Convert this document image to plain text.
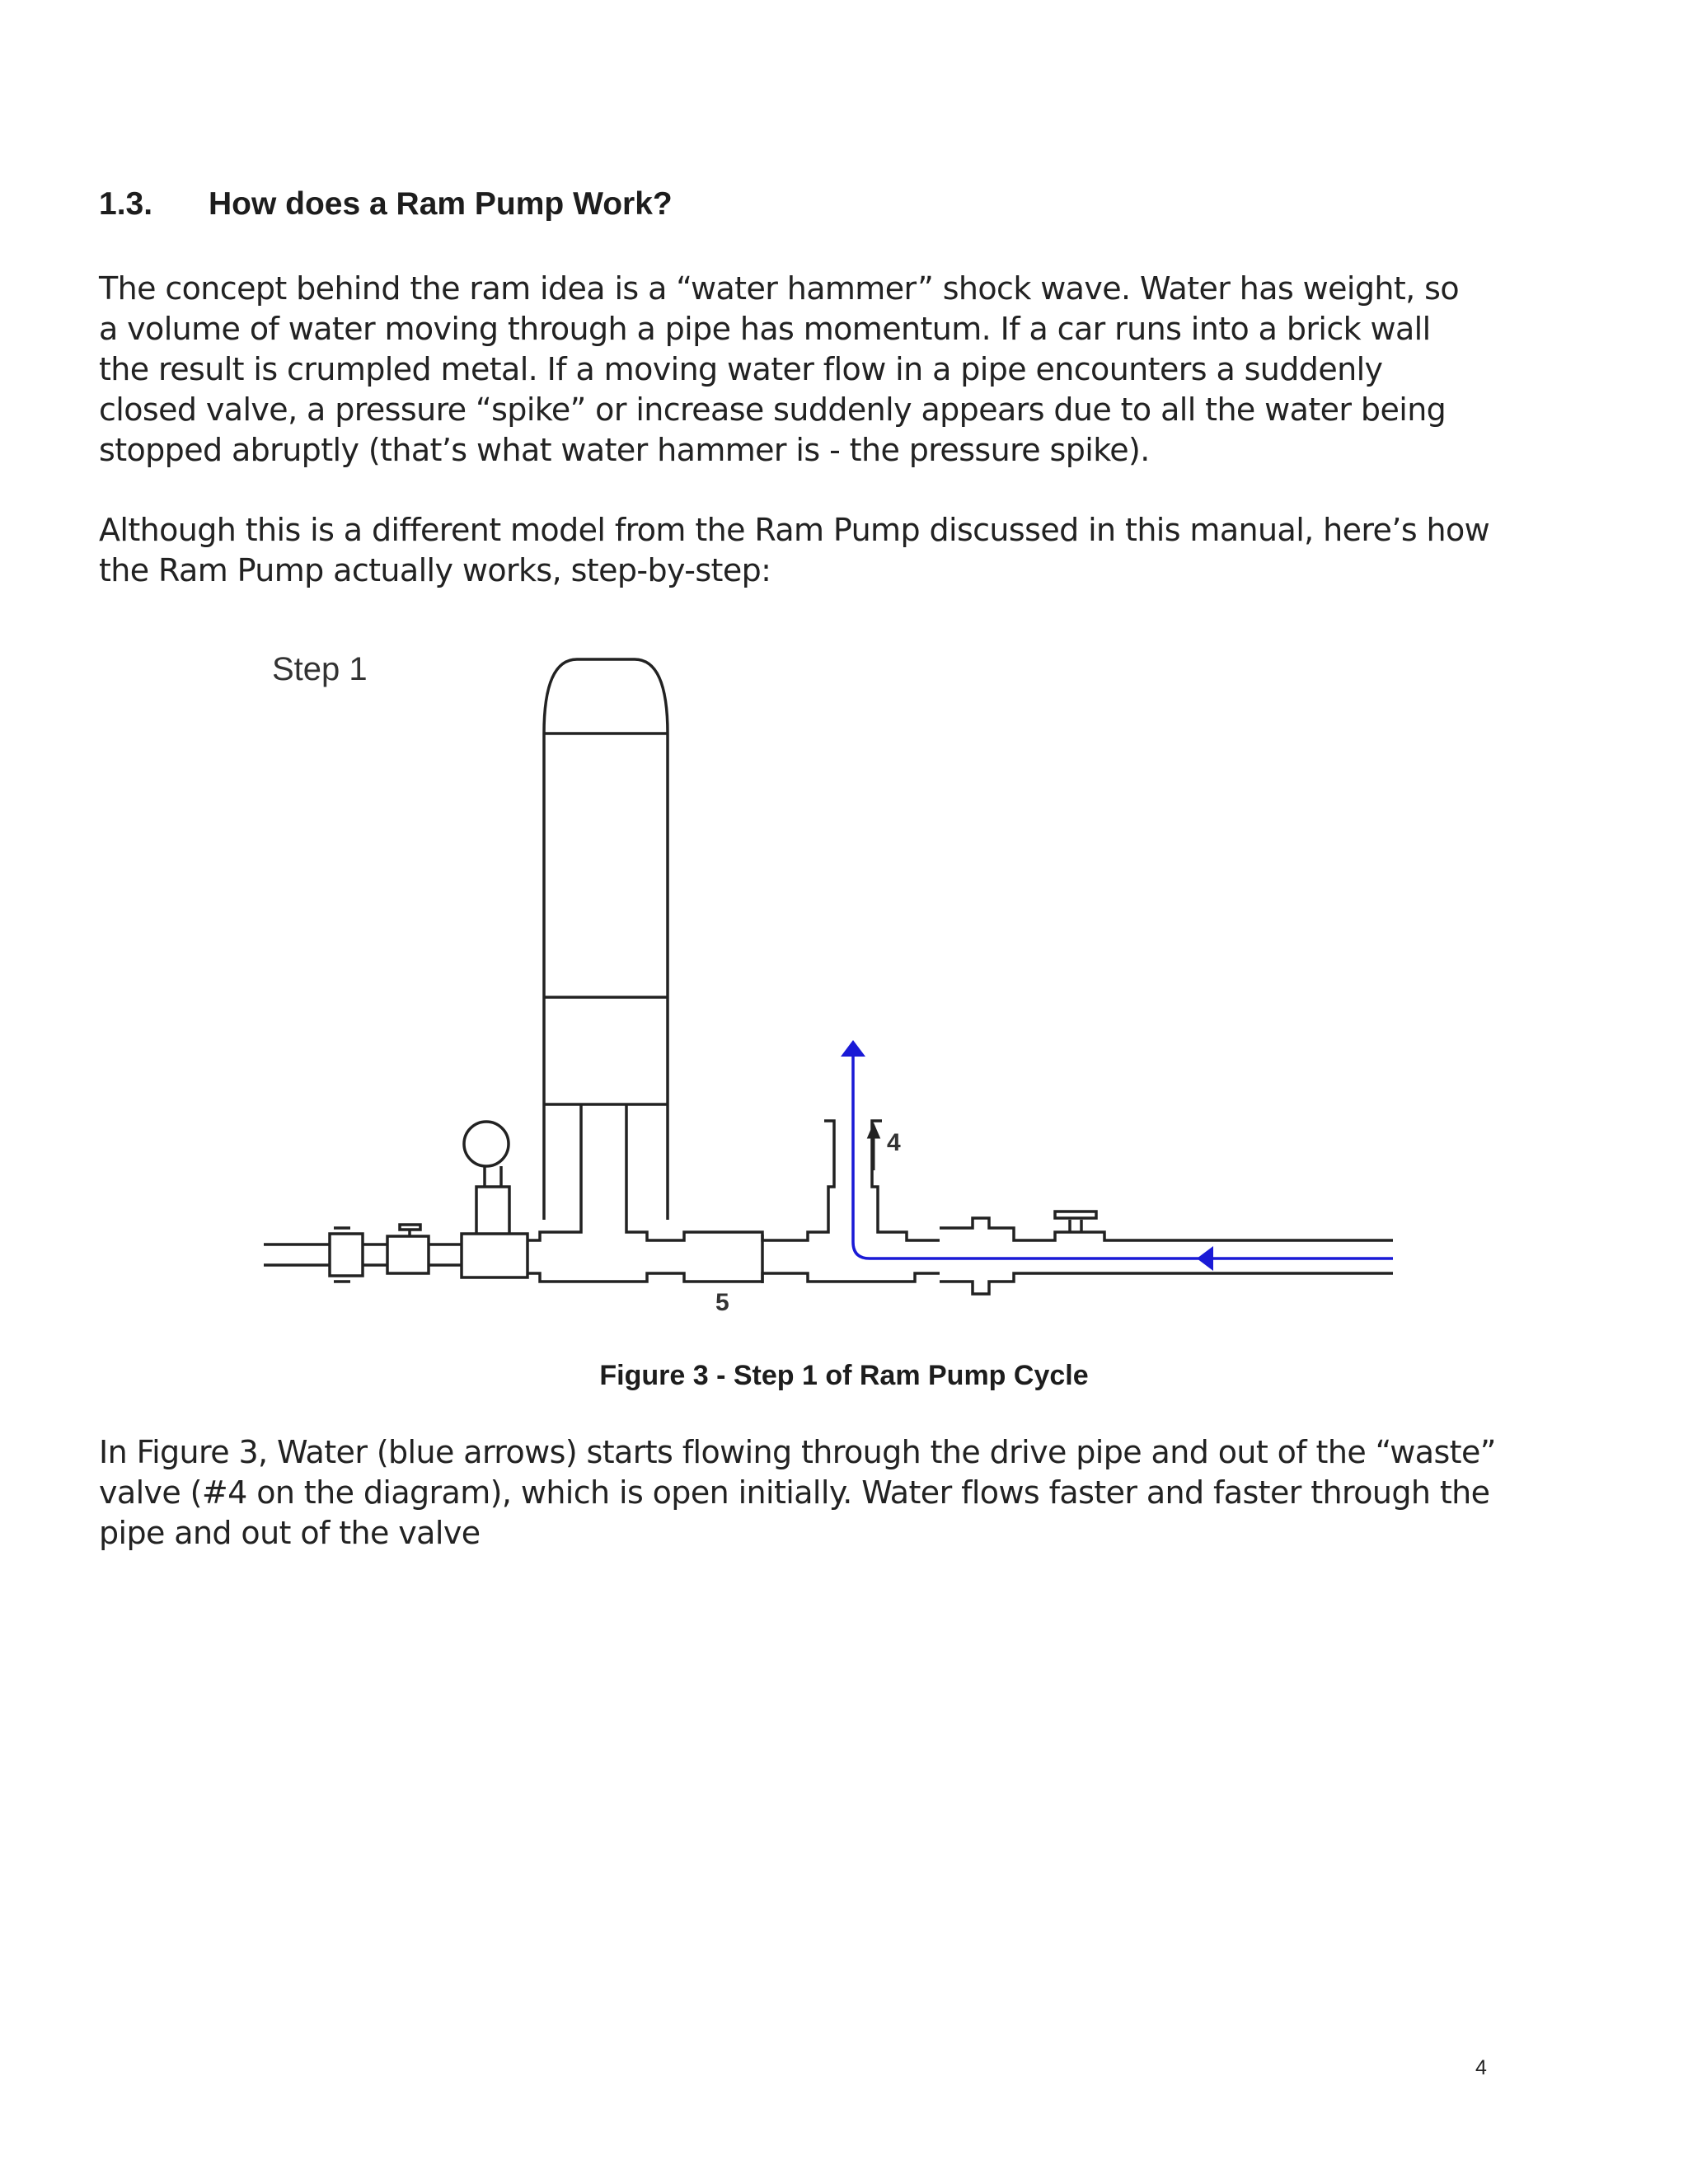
1.3. How does a Ram Pump Work?
The concept behind the ram idea is a “water hammer” shock wave. Water has weight, so
a volume of water moving through a pipe has momentum. If a car runs into a brick wall
the result is crumpled metal. If a moving water flow in a pipe encounters a suddenly
closed valve, a pressure “spike” or increase suddenly appears due to all the water being
stopped abruptly (that’s what water hammer is - the pressure spike).
Although this is a different model from the Ram Pump discussed in this manual, here’s how
the Ram Pump actually works, step-by-step:
Step 1
4
5
Figure 3 - Step 1 of Ram Pump Cycle
In Figure 3, Water (blue arrows) starts flowing through the drive pipe and out of the “waste”
valve (#4 on the diagram), which is open initially. Water flows faster and faster through the
pipe and out of the valve
4
